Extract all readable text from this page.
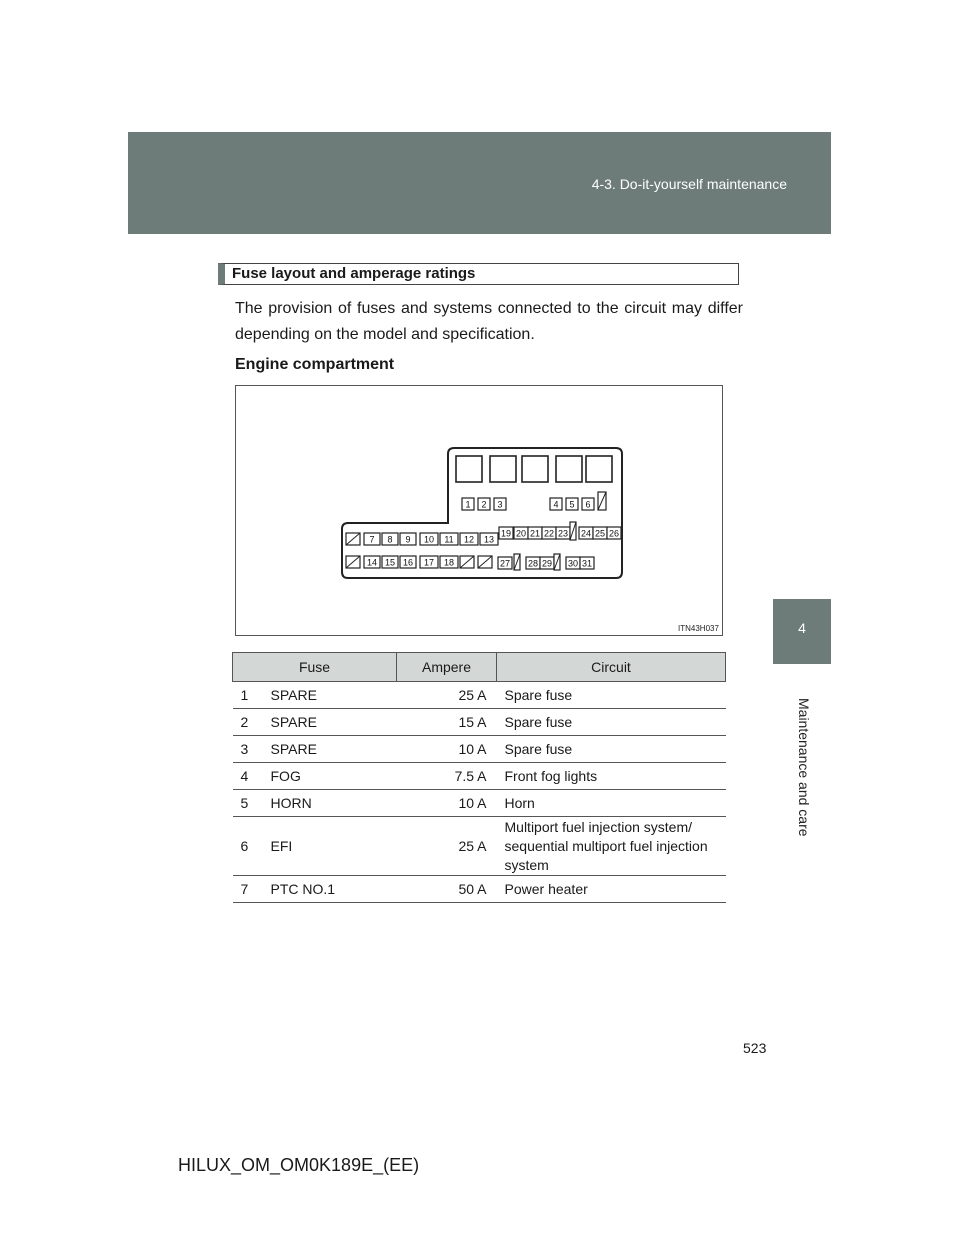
4-3. Do-it-yourself maintenance
4
Maintenance and care
Fuse layout and amperage ratings
The provision of fuses and systems connected to the circuit may differ depending on the model and specification.
Engine compartment
1 2 3	4 5 6
7 8 9 10 11 12 13
14 15 16 17 18
19 20 21 22 23 24 25 26
27 28 29 30 31
ITN43H037
Fuse		Ampere	Circuit
1	SPARE	25 A	Spare fuse
2	SPARE	15 A	Spare fuse
3	SPARE	10 A	Spare fuse
4	FOG	7.5 A	Front fog lights
5	HORN	10 A	Horn
6	EFI	25 A	Multiport fuel injection system/ sequential multiport fuel injection system
7	PTC NO.1	50 A	Power heater
523
HILUX_OM_OM0K189E_(EE)
